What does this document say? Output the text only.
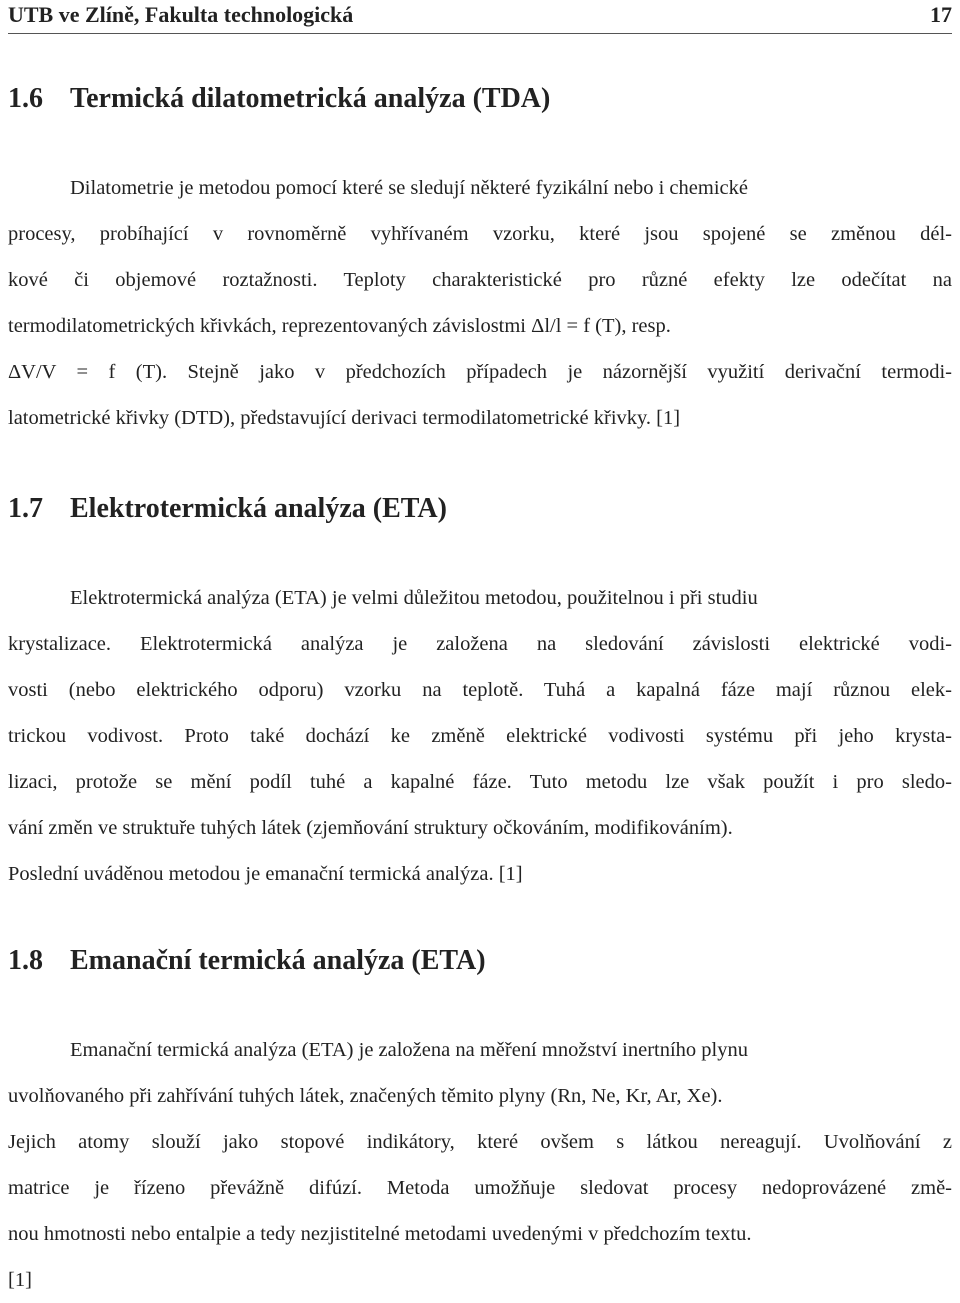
UTB ve Zlíně, Fakulta technologická	17
1.6 Termická dilatometrická analýza (TDA)
Dilatometrie je metodou pomocí které se sledují některé fyzikální nebo i chemické
procesy, probíhající v rovnoměrně vyhřívaném vzorku, které jsou spojené se změnou dél-
kové či objemové roztažnosti. Teploty charakteristické pro různé efekty lze odečítat na
termodilatometrických křivkách, reprezentovaných závislostmi Δl/l = f (T), resp.
ΔV/V = f (T). Stejně jako v předchozích případech je názornější využití derivační termodi-
latometrické křivky (DTD), představující derivaci termodilatometrické křivky. [1]
1.7 Elektrotermická analýza (ETA)
Elektrotermická analýza (ETA) je velmi důležitou metodou, použitelnou i při studiu
krystalizace. Elektrotermická analýza je založena na sledování závislosti elektrické vodi-
vosti (nebo elektrického odporu) vzorku na teplotě. Tuhá a kapalná fáze mají různou elek-
trickou vodivost. Proto také dochází ke změně elektrické vodivosti systému při jeho krysta-
lizaci, protože se mění podíl tuhé a kapalné fáze. Tuto metodu lze však použít i pro sledo-
vání změn ve struktuře tuhých látek (zjemňování struktury očkováním, modifikováním).
Poslední uváděnou metodou je emanační termická analýza. [1]
1.8 Emanační termická analýza (ETA)
Emanační termická analýza (ETA) je založena na měření množství inertního plynu
uvolňovaného při zahřívání tuhých látek, značených těmito plyny (Rn, Ne, Kr, Ar, Xe).
Jejich atomy slouží jako stopové indikátory, které ovšem s látkou nereagují. Uvolňování z
matrice je řízeno převážně difúzí. Metoda umožňuje sledovat procesy nedoprovázené změ-
nou hmotnosti nebo entalpie a tedy nezjistitelné metodami uvedenými v předchozím textu.
[1]
